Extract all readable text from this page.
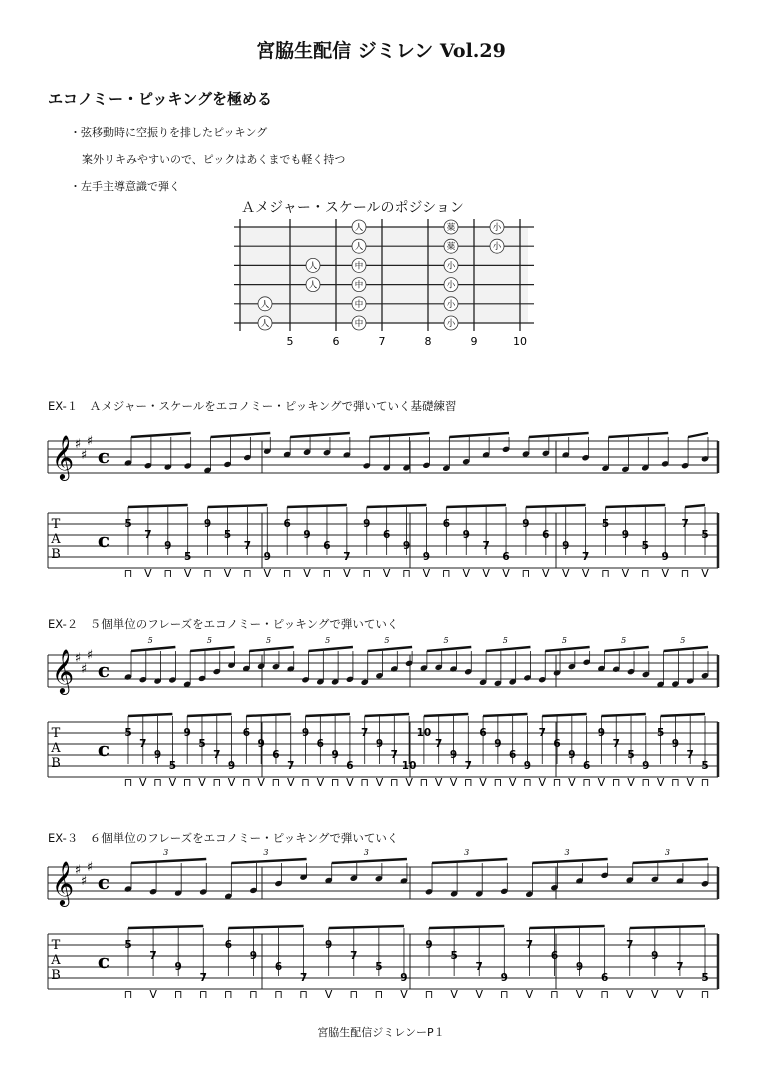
宮脇生配信 ジミレン Vol.29
エコノミー・ピッキングを極める
・弦移動時に空振りを排したピッキング
案外リキみやすいので、ピックはあくまでも軽く持つ
・左手主導意識で弾く
Ａメジャー・スケールのポジション
EX-１　Ａメジャー・スケールをエコノミー・ピッキングで弾いていく基礎練習
EX-２　５個単位のフレーズをエコノミー・ピッキングで弾いていく
EX-３　６個単位のフレーズをエコノミー・ピッキングで弾いていく
宮脇生配信ジミレンーP１
5	6	7	8	9	10
人	薬	小
人	薬	小
人	中	小
人	中	小
人	中	小
人	中	小
𝄞 ♯
♯
♯
c
c
T
A
B
5
7
9
5
9
5
7
9
6
9
6
7
9
6
9
9
6
9
7
6
9
6
9
7
5
9
5
9
7
5
⊓ V ⊓ V ⊓ V ⊓ V ⊓ V ⊓ V ⊓ V ⊓ V ⊓ V V V ⊓ V V V ⊓ V ⊓ V ⊓ V
𝄞 ♯
♯
♯
c
c
T
A
B
5
7
9
5
9
5
7
9
6
9
6
7
9
6
9
6
7
9
7
10
10
7
9
7
6
9
6
9
7
6
9
6
9
7
5
9
5
9
7
5
5	5	5	5	5	5	5	5	5	5
⊓ V ⊓ V ⊓ V ⊓ V ⊓ V ⊓ V ⊓ V ⊓ V ⊓ V ⊓ V ⊓ V V ⊓ V ⊓ V ⊓ V ⊓ V ⊓ V ⊓ V ⊓ V ⊓ V ⊓
𝄞 ♯
♯
♯
c
c
T
A
B
5
7
9
7
6
9
6
7
9
7
5
9
9
5
7
9
7
6
9
6
7
9
7
5
3	3	3	3	3	3
⊓ V ⊓ ⊓ ⊓ ⊓ ⊓ ⊓ V ⊓ ⊓ V ⊓ V V ⊓ V ⊓ V ⊓ V V V ⊓
